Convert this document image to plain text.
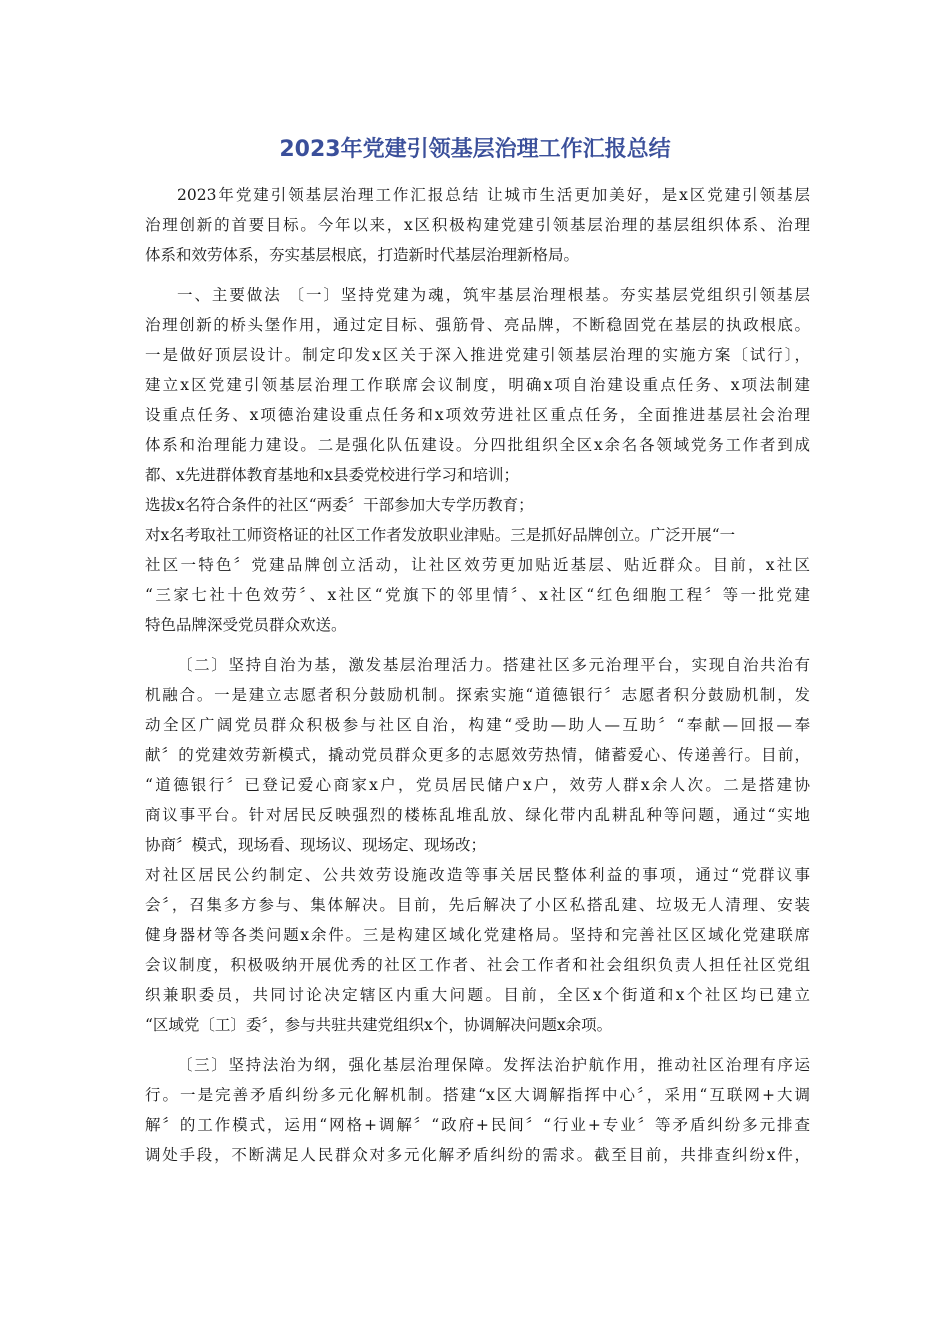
2023年党建引领基层治理工作汇报总结
2023年党建引领基层治理工作汇报总结 让城市生活更加美好，是x区党建引领基层
治理创新的首要目标。今年以来，x区积极构建党建引领基层治理的基层组织体系、治理
体系和效劳体系，夯实基层根底，打造新时代基层治理新格局。
一、主要做法 〔一〕坚持党建为魂，筑牢基层治理根基。夯实基层党组织引领基层
治理创新的桥头堡作用，通过定目标、强筋骨、亮品牌，不断稳固党在基层的执政根底。
一是做好顶层设计。制定印发x区关于深入推进党建引领基层治理的实施方案〔试行〕，
建立x区党建引领基层治理工作联席会议制度，明确x项自治建设重点任务、x项法制建
设重点任务、x项德治建设重点任务和x项效劳进社区重点任务，全面推进基层社会治理
体系和治理能力建设。二是强化队伍建设。分四批组织全区x余名各领域党务工作者到成
都、x先进群体教育基地和x县委党校进行学习和培训；
选拔x名符合条件的社区“两委〞干部参加大专学历教育；
对x名考取社工师资格证的社区工作者发放职业津贴。三是抓好品牌创立。广泛开展“一
社区一特色〞党建品牌创立活动，让社区效劳更加贴近基层、贴近群众。目前，x社区
“三家七社十色效劳〞、x社区“党旗下的邻里情〞、x社区“红色细胞工程〞等一批党建
特色品牌深受党员群众欢送。
〔二〕坚持自治为基，激发基层治理活力。搭建社区多元治理平台，实现自治共治有
机融合。一是建立志愿者积分鼓励机制。探索实施“道德银行〞志愿者积分鼓励机制，发
动全区广阔党员群众积极参与社区自治，构建“受助—助人—互助〞“奉献—回报—奉
献〞的党建效劳新模式，撬动党员群众更多的志愿效劳热情，储蓄爱心、传递善行。目前，
“道德银行〞已登记爱心商家x户，党员居民储户x户，效劳人群x余人次。二是搭建协
商议事平台。针对居民反映强烈的楼栋乱堆乱放、绿化带内乱耕乱种等问题，通过“实地
协商〞模式，现场看、现场议、现场定、现场改；
对社区居民公约制定、公共效劳设施改造等事关居民整体利益的事项，通过“党群议事
会〞，召集多方参与、集体解决。目前，先后解决了小区私搭乱建、垃圾无人清理、安装
健身器材等各类问题x余件。三是构建区域化党建格局。坚持和完善社区区域化党建联席
会议制度，积极吸纳开展优秀的社区工作者、社会工作者和社会组织负责人担任社区党组
织兼职委员，共同讨论决定辖区内重大问题。目前，全区x个街道和x个社区均已建立
“区域党〔工〕委〞，参与共驻共建党组织x个，协调解决问题x余项。
〔三〕坚持法治为纲，强化基层治理保障。发挥法治护航作用，推动社区治理有序运
行。一是完善矛盾纠纷多元化解机制。搭建“x区大调解指挥中心〞，采用“互联网+大调
解〞的工作模式，运用“网格+调解〞“政府+民间〞“行业+专业〞等矛盾纠纷多元排查
调处手段，不断满足人民群众对多元化解矛盾纠纷的需求。截至目前，共排查纠纷x件，
